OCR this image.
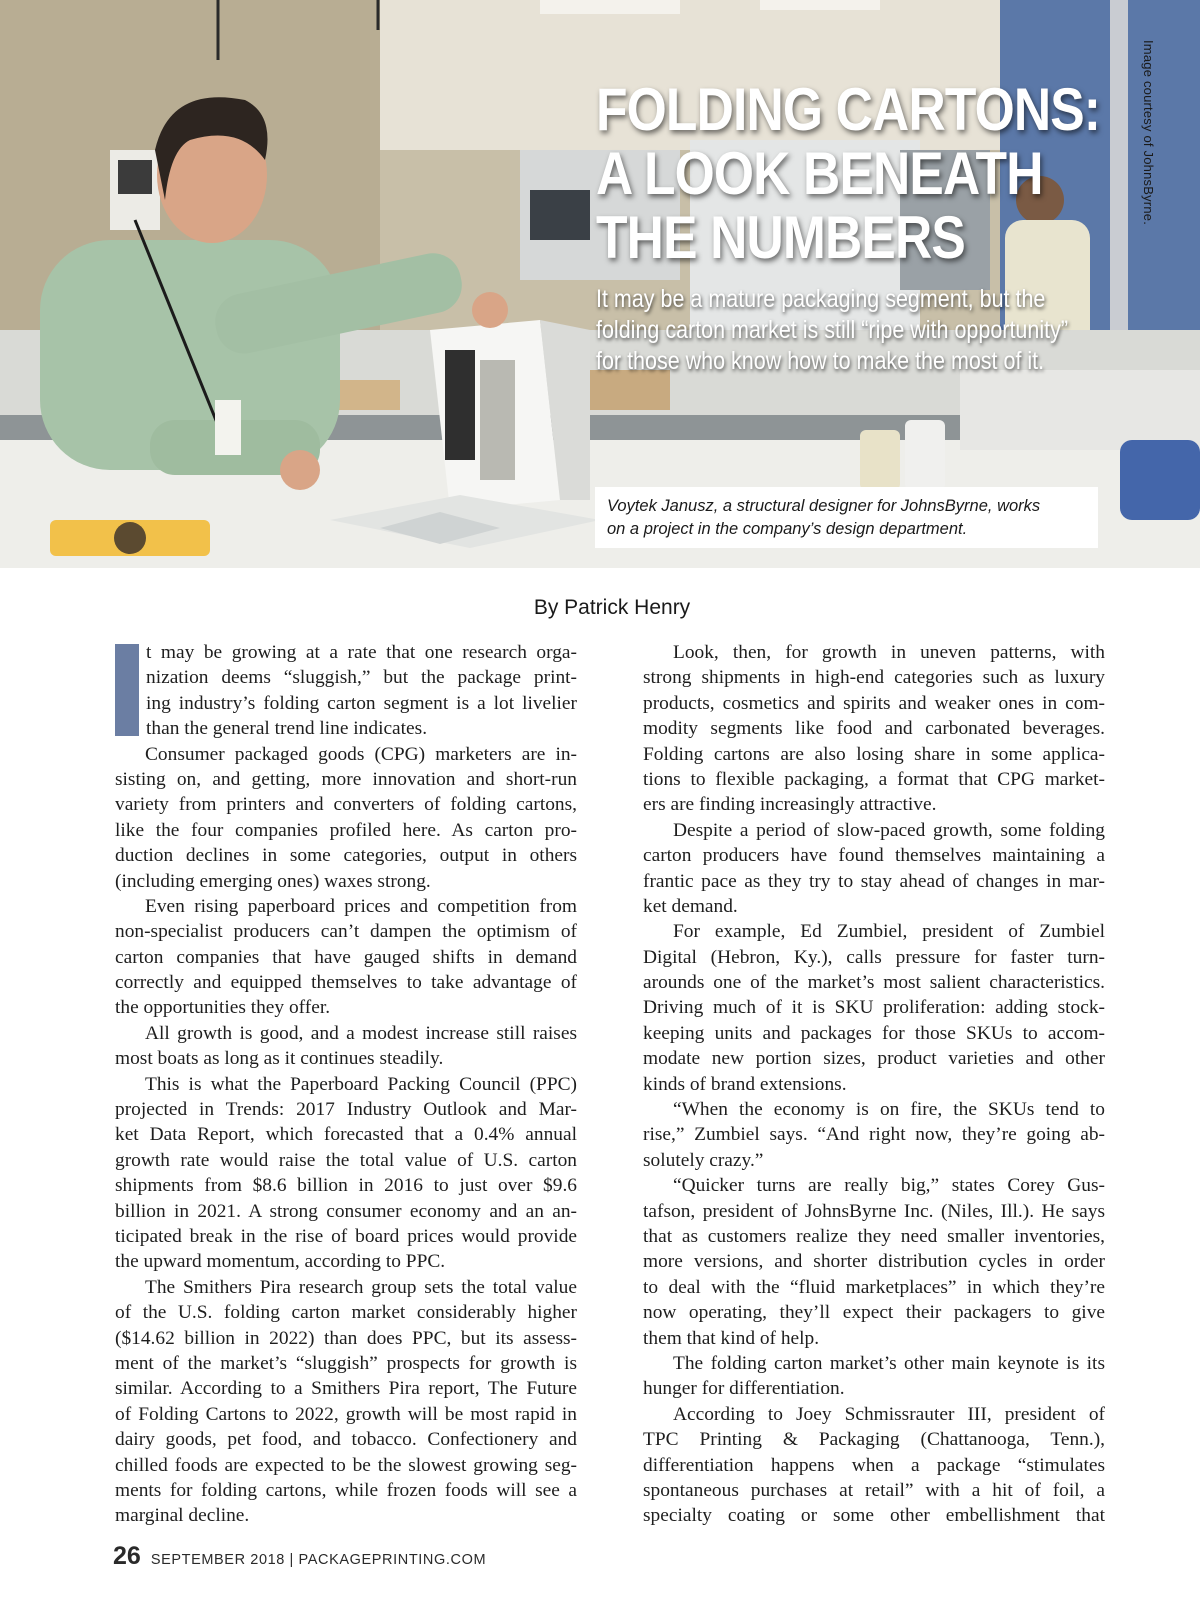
Image courtesy of JohnsByrne.
FOLDING CARTONS:
A LOOK BENEATH
THE NUMBERS
It may be a mature packaging segment, but the
folding carton market is still “ripe with opportunity”
for those who know how to make the most of it.
Voytek Janusz, a structural designer for JohnsByrne, works
on a project in the company’s design department.
By Patrick Henry
t may be growing at a rate that one research orga-
nization deems “sluggish,” but the package print-
ing industry’s folding carton segment is a lot livelier
than the general trend line indicates.
Consumer packaged goods (CPG) marketers are in-
sisting on, and getting, more innovation and short-run
variety from printers and converters of folding cartons,
like the four companies profiled here. As carton pro-
duction declines in some categories, output in others
(including emerging ones) waxes strong.
Even rising paperboard prices and competition from
non-specialist producers can’t dampen the optimism of
carton companies that have gauged shifts in demand
correctly and equipped themselves to take advantage of
the opportunities they offer.
All growth is good, and a modest increase still raises
most boats as long as it continues steadily.
This is what the Paperboard Packing Council (PPC)
projected in Trends: 2017 Industry Outlook and Mar-
ket Data Report, which forecasted that a 0.4% annual
growth rate would raise the total value of U.S. carton
shipments from $8.6 billion in 2016 to just over $9.6
billion in 2021. A strong consumer economy and an an-
ticipated break in the rise of board prices would provide
the upward momentum, according to PPC.
The Smithers Pira research group sets the total value
of the U.S. folding carton market considerably higher
($14.62 billion in 2022) than does PPC, but its assess-
ment of the market’s “sluggish” prospects for growth is
similar. According to a Smithers Pira report, The Future
of Folding Cartons to 2022, growth will be most rapid in
dairy goods, pet food, and tobacco. Confectionery and
chilled foods are expected to be the slowest growing seg-
ments for folding cartons, while frozen foods will see a
marginal decline.
Look, then, for growth in uneven patterns, with
strong shipments in high-end categories such as luxury
products, cosmetics and spirits and weaker ones in com-
modity segments like food and carbonated beverages.
Folding cartons are also losing share in some applica-
tions to flexible packaging, a format that CPG market-
ers are finding increasingly attractive.
Despite a period of slow-paced growth, some folding
carton producers have found themselves maintaining a
frantic pace as they try to stay ahead of changes in mar-
ket demand.
For example, Ed Zumbiel, president of Zumbiel
Digital (Hebron, Ky.), calls pressure for faster turn-
arounds one of the market’s most salient characteristics.
Driving much of it is SKU proliferation: adding stock-
keeping units and packages for those SKUs to accom-
modate new portion sizes, product varieties and other
kinds of brand extensions.
“When the economy is on fire, the SKUs tend to
rise,” Zumbiel says. “And right now, they’re going ab-
solutely crazy.”
“Quicker turns are really big,” states Corey Gus-
tafson, president of JohnsByrne Inc. (Niles, Ill.). He says
that as customers realize they need smaller inventories,
more versions, and shorter distribution cycles in order
to deal with the “fluid marketplaces” in which they’re
now operating, they’ll expect their packagers to give
them that kind of help.
The folding carton market’s other main keynote is its
hunger for differentiation.
According to Joey Schmissrauter III, president of
TPC Printing & Packaging (Chattanooga, Tenn.),
differentiation happens when a package “stimulates
spontaneous purchases at retail” with a hit of foil, a
specialty coating or some other embellishment that
26 SEPTEMBER 2018 | PACKAGEPRINTING.COM
